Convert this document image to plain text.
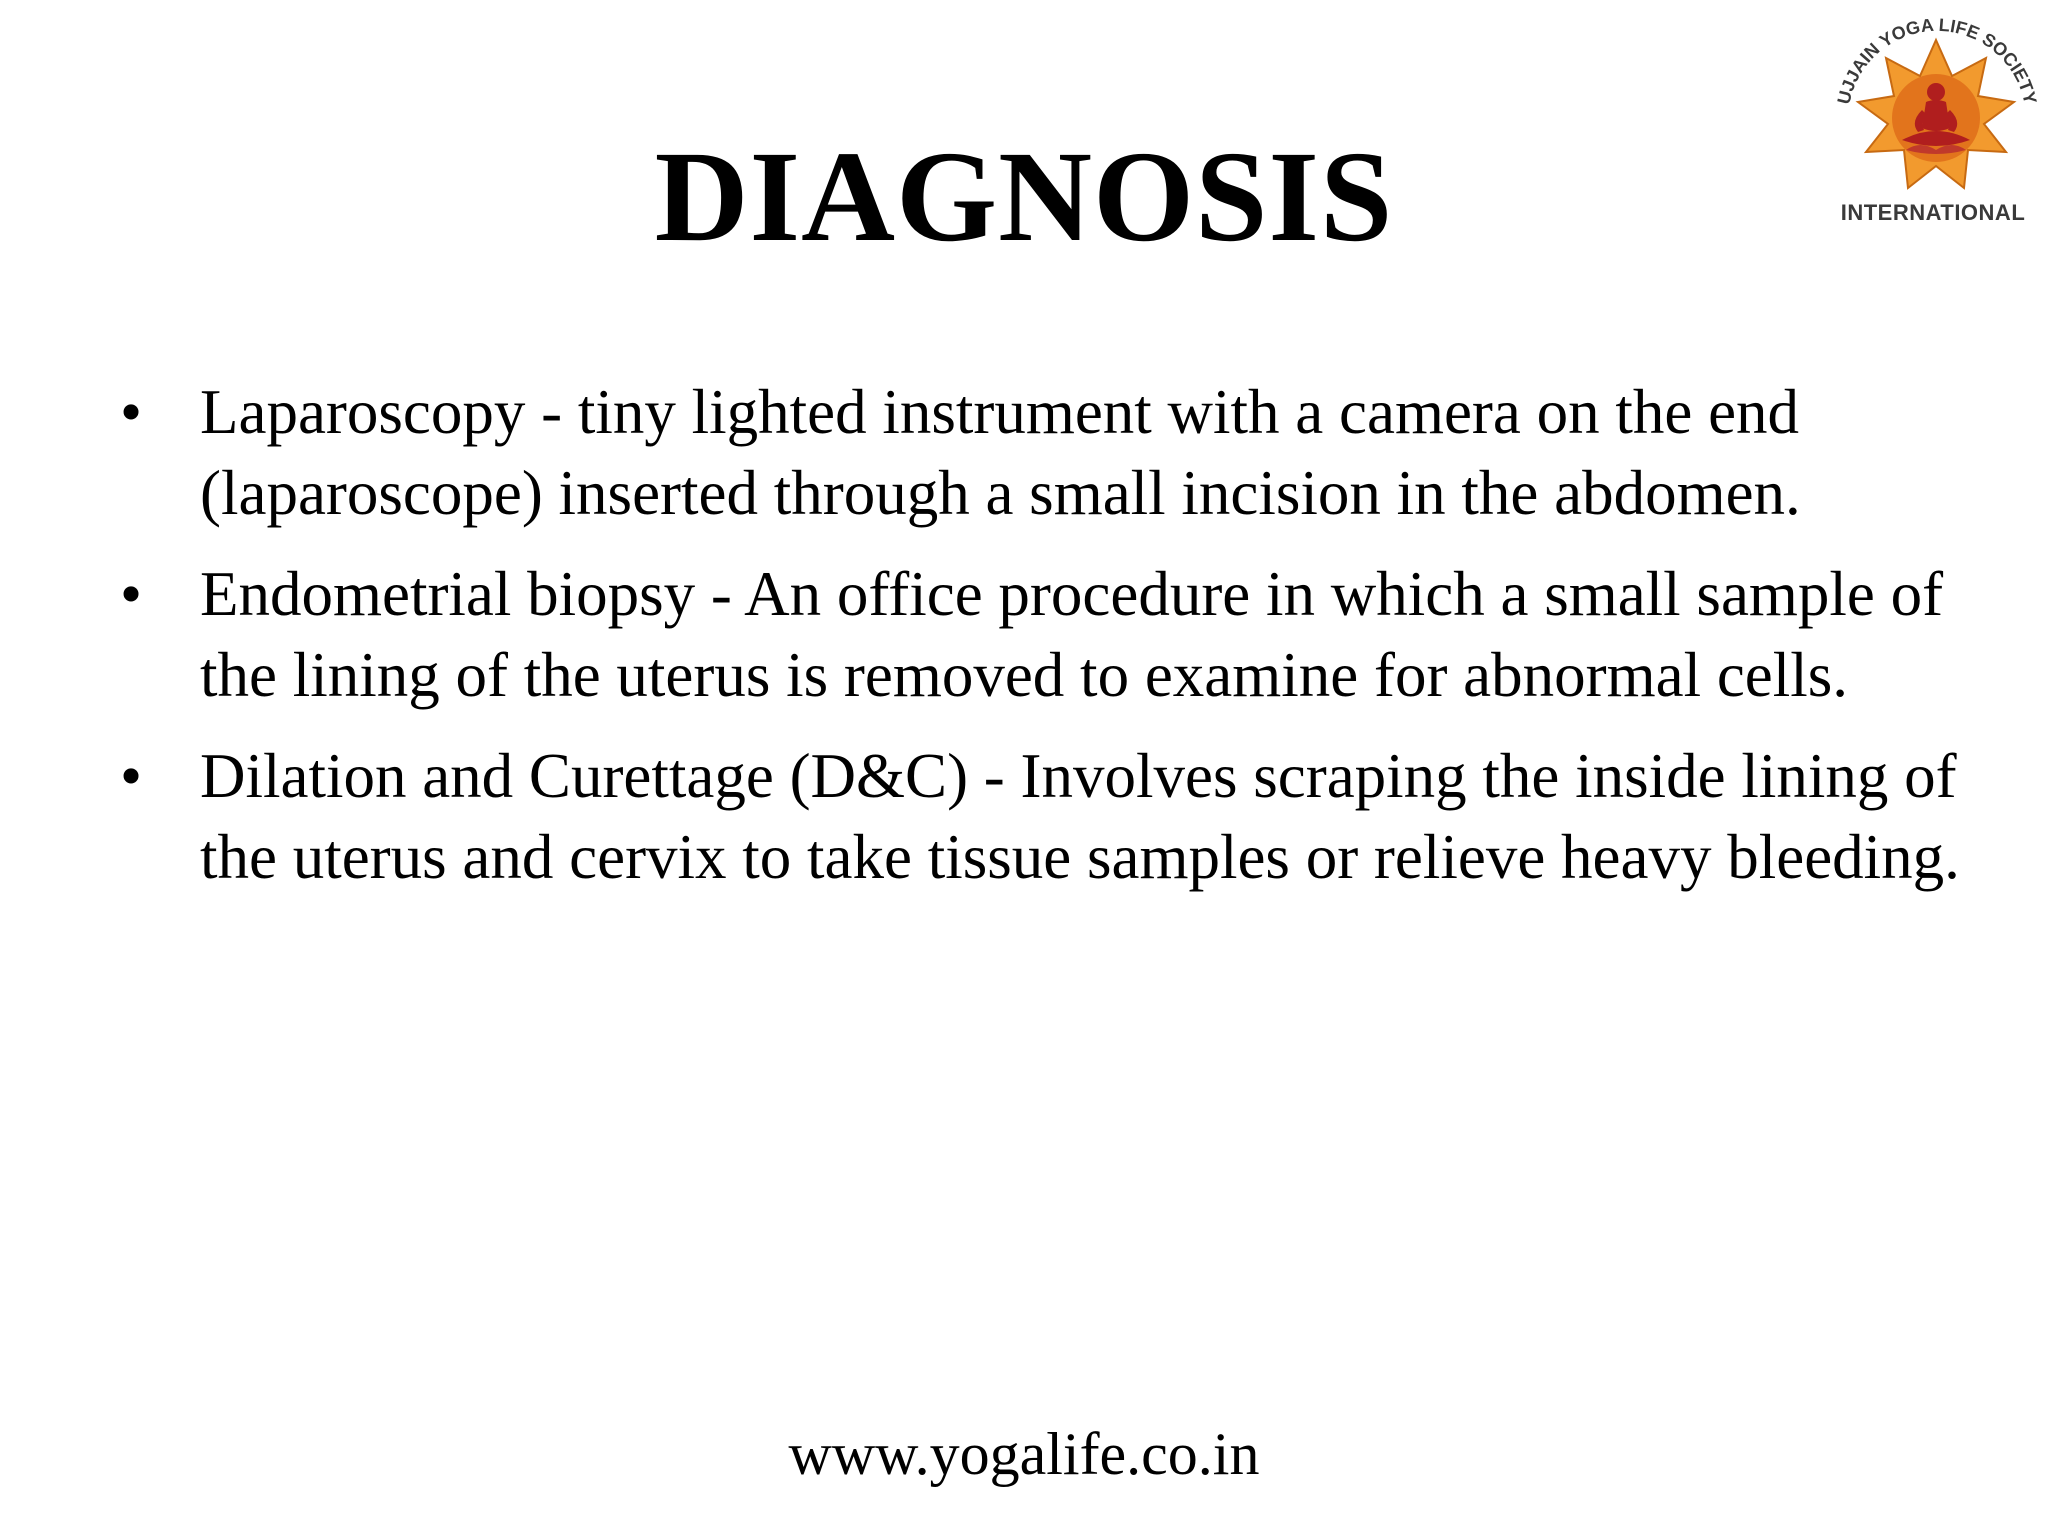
UJJAIN YOGA LIFE SOCIETY
INTERNATIONAL
DIAGNOSIS
• Laparoscopy - tiny lighted instrument with a camera on the end (laparoscope) inserted through a small incision in the abdomen.
• Endometrial biopsy - An office procedure in which a small sample of the lining of the uterus is removed to examine for abnormal cells.
• Dilation and Curettage (D&C) - Involves scraping the inside lining of the uterus and cervix to take tissue samples or relieve heavy bleeding.
www.yogalife.co.in
